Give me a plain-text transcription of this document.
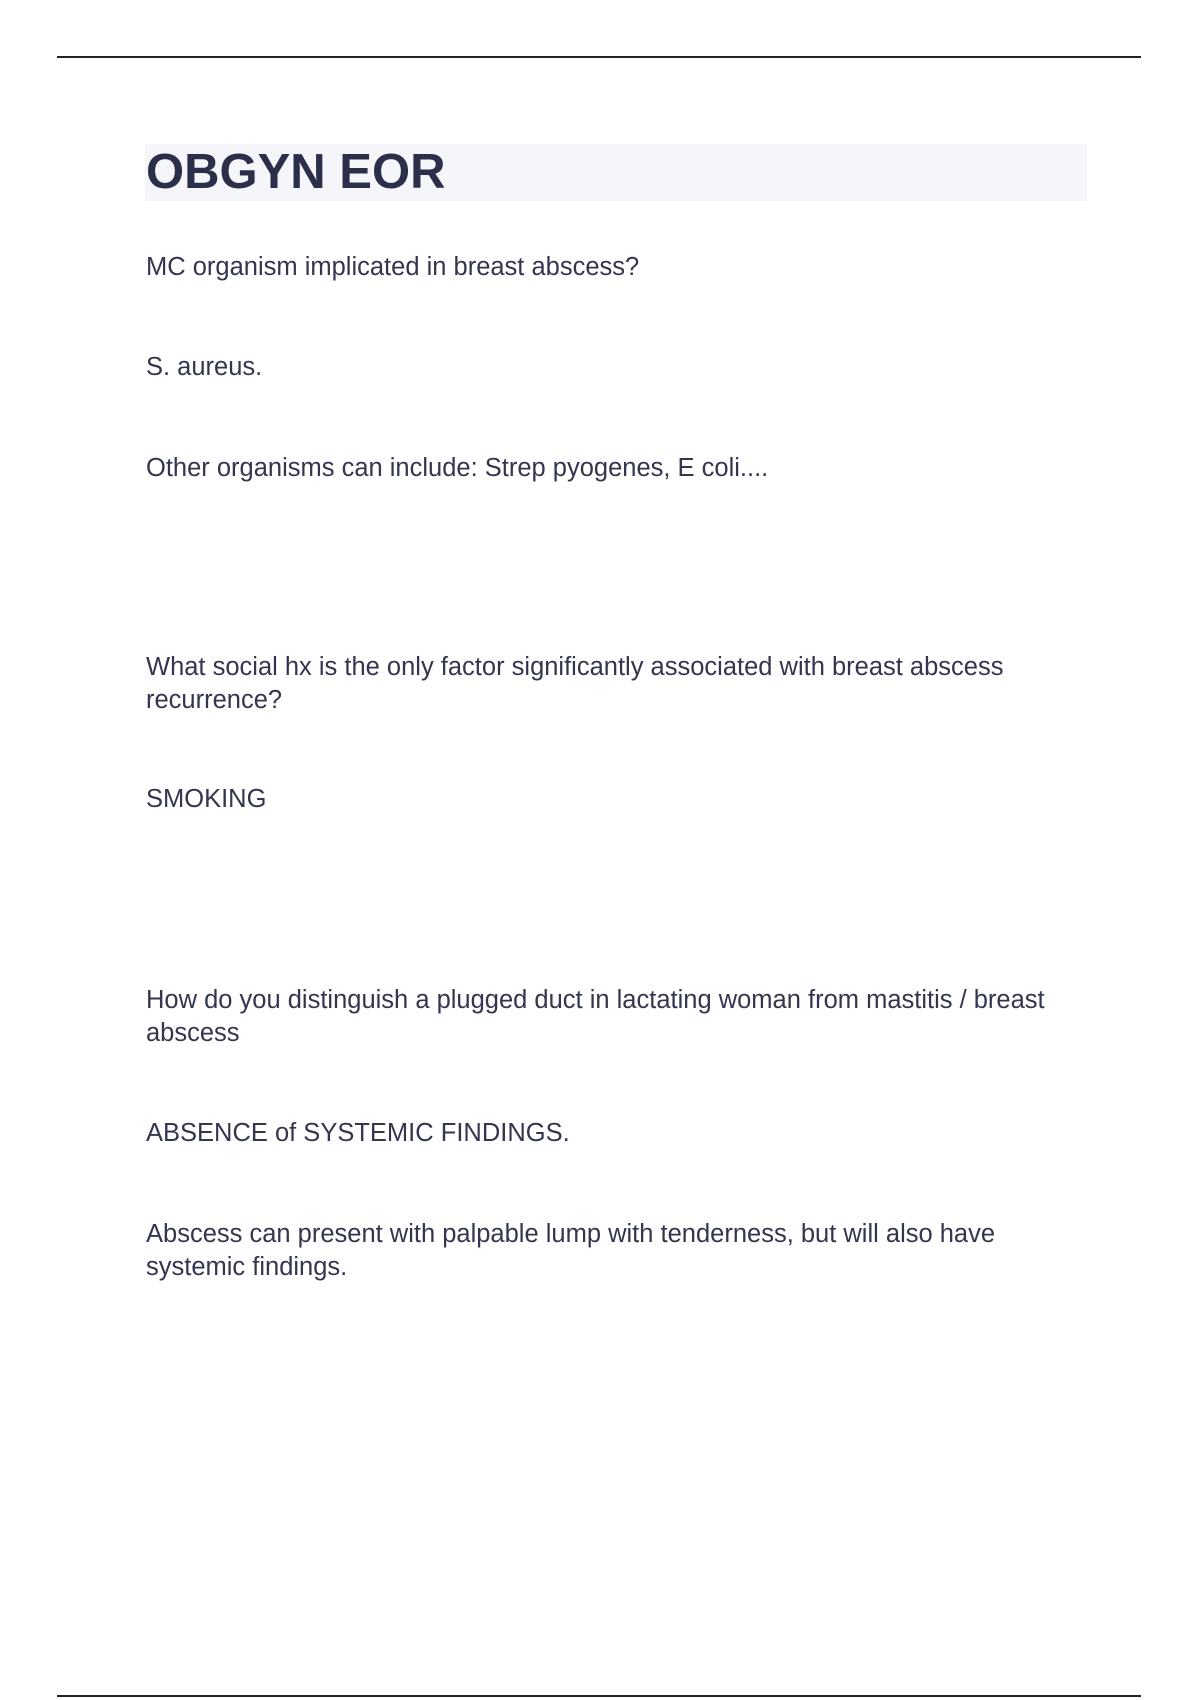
OBGYN EOR

MC organism implicated in breast abscess?

S. aureus.

Other organisms can include: Strep pyogenes, E coli....

What social hx is the only factor significantly associated with breast abscess recurrence?

SMOKING

How do you distinguish a plugged duct in lactating woman from mastitis / breast abscess

ABSENCE of SYSTEMIC FINDINGS.

Abscess can present with palpable lump with tenderness, but will also have systemic findings.
